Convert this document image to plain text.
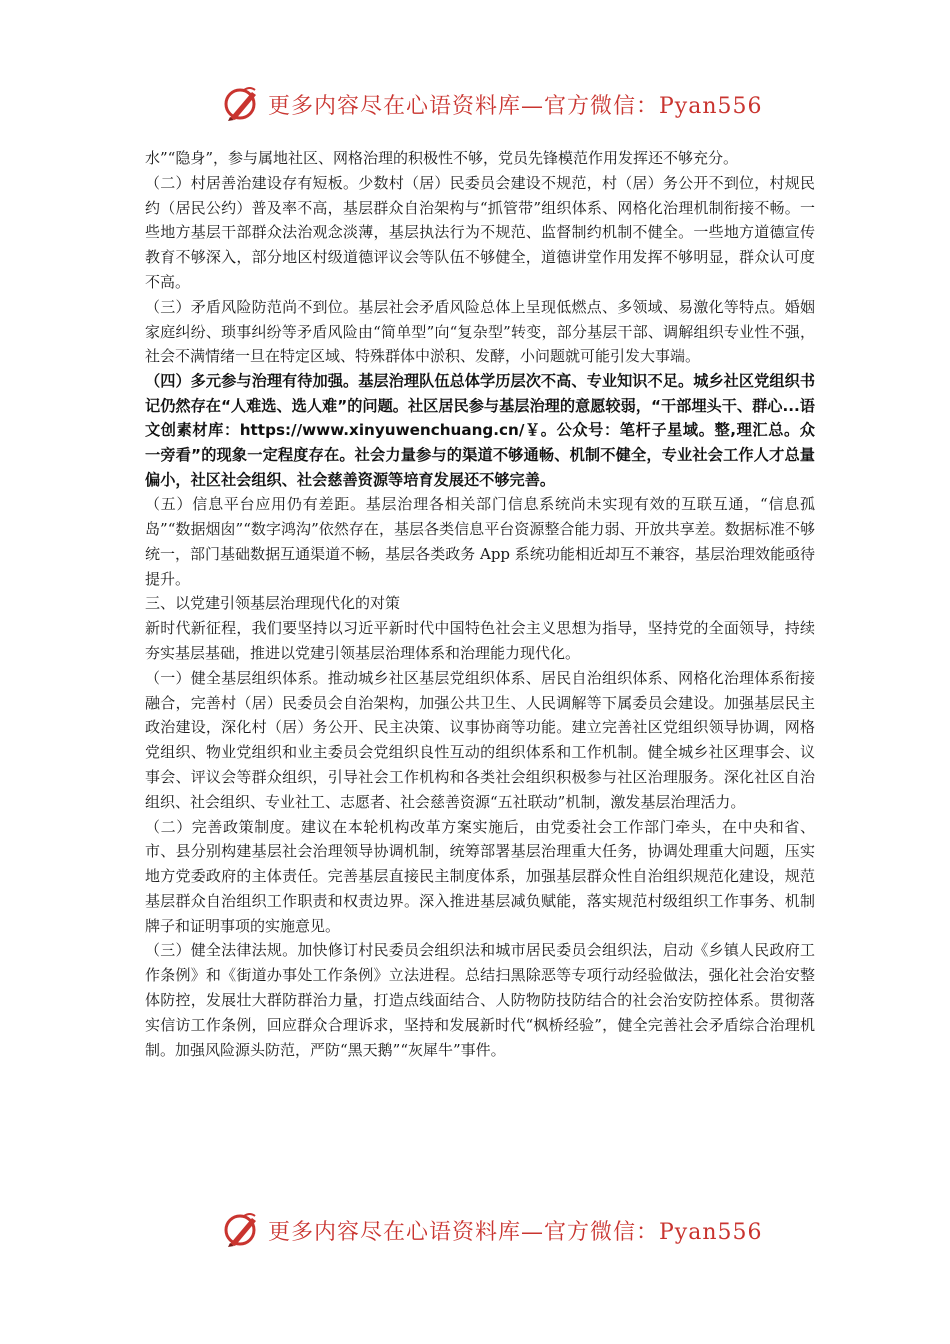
更多内容尽在心语资料库—官方微信：Pyan556

水”“隐身”，参与属地社区、网格治理的积极性不够，党员先锋模范作用发挥还不够充分。

（二）村居善治建设存有短板。少数村（居）民委员会建设不规范，村（居）务公开不到位，村规民约（居民公约）普及率不高，基层群众自治架构与“抓管带”组织体系、网格化治理机制衔接不畅。一些地方基层干部群众法治观念淡薄，基层执法行为不规范、监督制约机制不健全。一些地方道德宣传教育不够深入，部分地区村级道德评议会等队伍不够健全，道德讲堂作用发挥不够明显，群众认可度不高。

（三）矛盾风险防范尚不到位。基层社会矛盾风险总体上呈现低燃点、多领域、易激化等特点。婚姻家庭纠纷、琐事纠纷等矛盾风险由“简单型”向“复杂型”转变，部分基层干部、调解组织专业性不强，社会不满情绪一旦在特定区域、特殊群体中淤积、发酵，小问题就可能引发大事端。

（四）多元参与治理有待加强。基层治理队伍总体学历层次不高、专业知识不足。城乡社区党组织书记仍然存在“人难选、选人难”的问题。社区居民参与基层治理的意愿较弱，“干部埋头干、群心...语文创素材库：https://www.xinyuwenchuang.cn/￥。公众号：笔杆子星域。整,理汇总。众一旁看”的现象一定程度存在。社会力量参与的渠道不够通畅、机制不健全，专业社会工作人才总量偏小，社区社会组织、社会慈善资源等培育发展还不够完善。

（五）信息平台应用仍有差距。基层治理各相关部门信息系统尚未实现有效的互联互通，“信息孤岛”“数据烟囱”“数字鸿沟”依然存在，基层各类信息平台资源整合能力弱、开放共享差。数据标准不够统一，部门基础数据互通渠道不畅，基层各类政务 App 系统功能相近却互不兼容，基层治理效能亟待提升。

三、以党建引领基层治理现代化的对策

新时代新征程，我们要坚持以习近平新时代中国特色社会主义思想为指导，坚持党的全面领导，持续夯实基层基础，推进以党建引领基层治理体系和治理能力现代化。

（一）健全基层组织体系。推动城乡社区基层党组织体系、居民自治组织体系、网格化治理体系衔接融合，完善村（居）民委员会自治架构，加强公共卫生、人民调解等下属委员会建设。加强基层民主政治建设，深化村（居）务公开、民主决策、议事协商等功能。建立完善社区党组织领导协调，网格党组织、物业党组织和业主委员会党组织良性互动的组织体系和工作机制。健全城乡社区理事会、议事会、评议会等群众组织，引导社会工作机构和各类社会组织积极参与社区治理服务。深化社区自治组织、社会组织、专业社工、志愿者、社会慈善资源“五社联动”机制，激发基层治理活力。

（二）完善政策制度。建议在本轮机构改革方案实施后，由党委社会工作部门牵头，在中央和省、市、县分别构建基层社会治理领导协调机制，统筹部署基层治理重大任务，协调处理重大问题，压实地方党委政府的主体责任。完善基层直接民主制度体系，加强基层群众性自治组织规范化建设，规范基层群众自治组织工作职责和权责边界。深入推进基层减负赋能，落实规范村级组织工作事务、机制牌子和证明事项的实施意见。

（三）健全法律法规。加快修订村民委员会组织法和城市居民委员会组织法，启动《乡镇人民政府工作条例》和《街道办事处工作条例》立法进程。总结扫黑除恶等专项行动经验做法，强化社会治安整体防控，发展壮大群防群治力量，打造点线面结合、人防物防技防结合的社会治安防控体系。贯彻落实信访工作条例，回应群众合理诉求，坚持和发展新时代“枫桥经验”，健全完善社会矛盾综合治理机制。加强风险源头防范，严防“黑天鹅”“灰犀牛”事件。

更多内容尽在心语资料库—官方微信：Pyan556
